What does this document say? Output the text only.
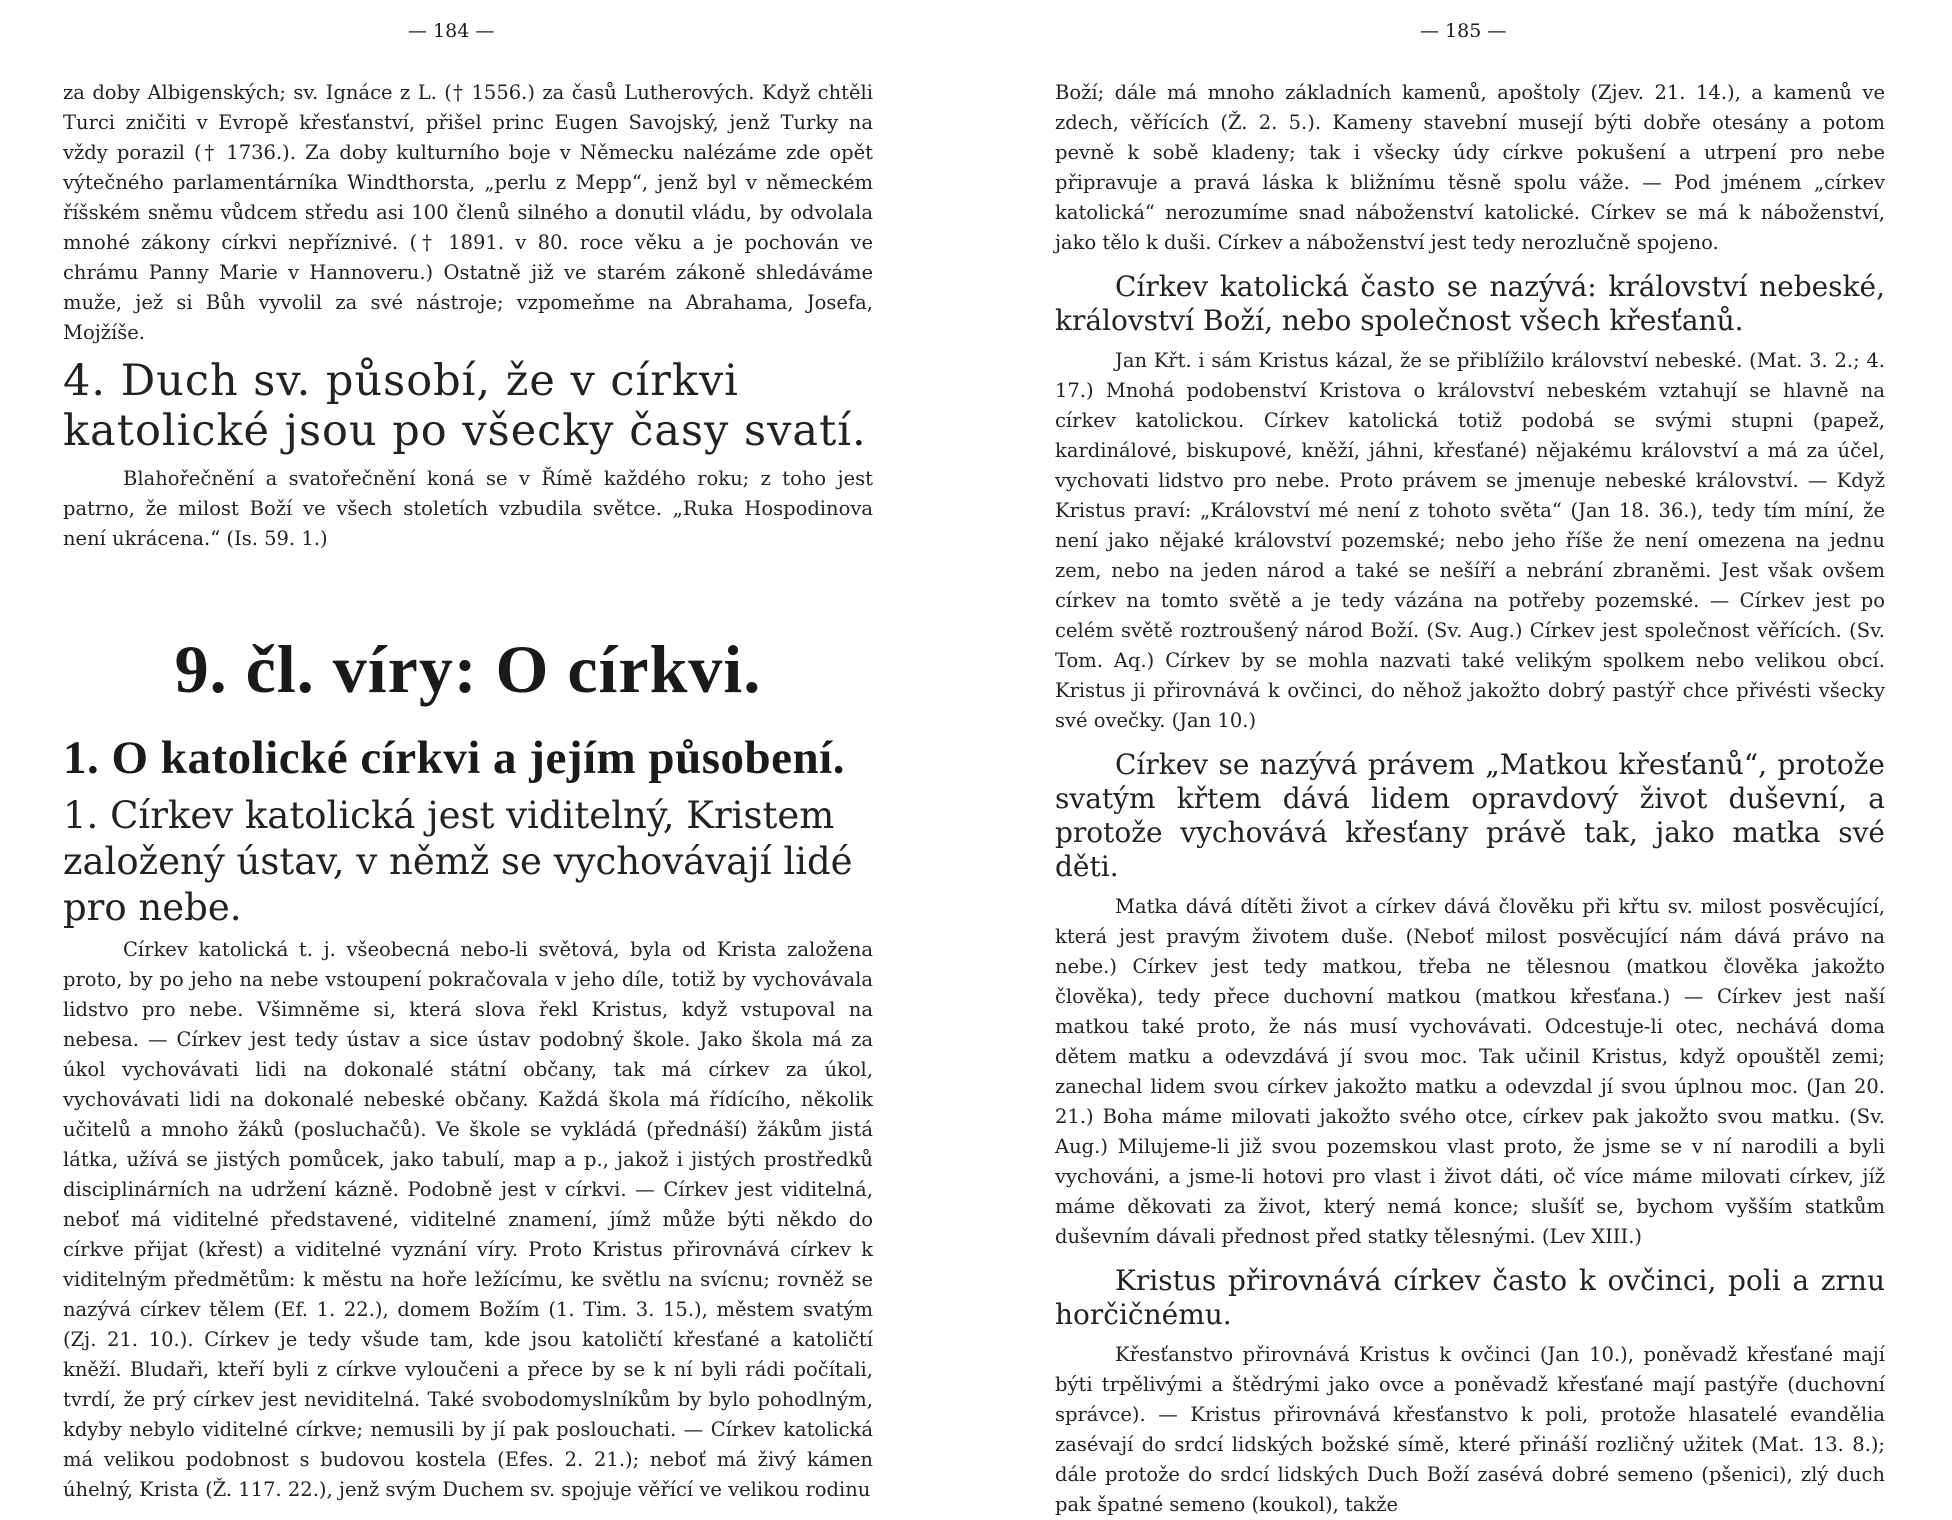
— 184 —

za doby Albigenských; sv. Ignáce z L. († 1556.) za časů Lutherových. Když chtěli Turci zničiti v Evropě křesťanství, přišel princ Eugen Savojský, jenž Turky na vždy porazil († 1736.). Za doby kulturního boje v Německu nalézáme zde opět výtečného parlamentárníka Windthorsta, „perlu z Mepp“, jenž byl v německém říšském sněmu vůdcem středu asi 100 členů silného a donutil vládu, by odvolala mnohé zákony církvi nepříznivé. († 1891. v 80. roce věku a je pochován ve chrámu Panny Marie v Hannoveru.) Ostatně již ve starém zákoně shledáváme muže, jež si Bůh vyvolil za své nástroje; vzpomeňme na Abrahama, Josefa, Mojžíše.

4. Duch sv. působí, že v církvi katolické jsou po všecky časy svatí.

Blahořečnění a svatořečnění koná se v Římě každého roku; z toho jest patrno, že milost Boží ve všech stoletích vzbudila světce. „Ruka Hospodinova není ukrácena.“ (Is. 59. 1.)

9. čl. víry: O církvi.

1. O katolické církvi a jejím působení.

1. Církev katolická jest viditelný, Kristem založený ústav, v němž se vychovávají lidé pro nebe.

Církev katolická t. j. všeobecná nebo-li světová, byla od Krista založena proto, by po jeho na nebe vstoupení pokračovala v jeho díle, totiž by vychovávala lidstvo pro nebe. Všimněme si, která slova řekl Kristus, když vstupoval na nebesa. — Církev jest tedy ústav a sice ústav podobný škole. Jako škola má za úkol vychovávati lidi na dokonalé státní občany, tak má církev za úkol, vychovávati lidi na dokonalé nebeské občany. Každá škola má řídícího, několik učitelů a mnoho žáků (posluchačů). Ve škole se vykládá (přednáší) žákům jistá látka, užívá se jistých pomůcek, jako tabulí, map a p., jakož i jistých prostředků disciplinárních na udržení kázně. Podobně jest v církvi. — Církev jest viditelná, neboť má viditelné představené, viditelné znamení, jímž může býti někdo do církve přijat (křest) a viditelné vyznání víry. Proto Kristus přirovnává církev k viditelným předmětům: k městu na hoře ležícímu, ke světlu na svícnu; rovněž se nazývá církev tělem (Ef. 1. 22.), domem Božím (1. Tim. 3. 15.), městem svatým (Zj. 21. 10.). Církev je tedy všude tam, kde jsou katoličtí křesťané a katoličtí kněží. Bludaři, kteří byli z církve vyloučeni a přece by se k ní byli rádi počítali, tvrdí, že prý církev jest neviditelná. Také svobodomyslníkům by bylo pohodlným, kdyby nebylo viditelné církve; nemusili by jí pak poslouchati. — Církev katolická má velikou podobnost s budovou kostela (Efes. 2. 21.); neboť má živý kámen úhelný, Krista (Ž. 117. 22.), jenž svým Duchem sv. spojuje věřící ve velikou rodinu

— 185 —

Boží; dále má mnoho základních kamenů, apoštoly (Zjev. 21. 14.), a kamenů ve zdech, věřících (Ž. 2. 5.). Kameny stavební musejí býti dobře otesány a potom pevně k sobě kladeny; tak i všecky údy církve pokušení a utrpení pro nebe připravuje a pravá láska k bližnímu těsně spolu váže. — Pod jménem „církev katolická“ nerozumíme snad náboženství katolické. Církev se má k náboženství, jako tělo k duši. Církev a náboženství jest tedy nerozlučně spojeno.

Církev katolická často se nazývá: království nebeské, království Boží, nebo společnost všech křesťanů.

Jan Křt. i sám Kristus kázal, že se přiblížilo království nebeské. (Mat. 3. 2.; 4. 17.) Mnohá podobenství Kristova o království nebeském vztahují se hlavně na církev katolickou. Církev katolická totiž podobá se svými stupni (papež, kardinálové, biskupové, kněží, jáhni, křesťané) nějakému království a má za účel, vychovati lidstvo pro nebe. Proto právem se jmenuje nebeské království. — Když Kristus praví: „Království mé není z tohoto světa“ (Jan 18. 36.), tedy tím míní, že není jako nějaké království pozemské; nebo jeho říše že není omezena na jednu zem, nebo na jeden národ a také se nešíří a nebrání zbraněmi. Jest však ovšem církev na tomto světě a je tedy vázána na potřeby pozemské. — Církev jest po celém světě roztroušený národ Boží. (Sv. Aug.) Církev jest společnost věřících. (Sv. Tom. Aq.) Církev by se mohla nazvati také velikým spolkem nebo velikou obcí. Kristus ji přirovnává k ovčinci, do něhož jakožto dobrý pastýř chce přivésti všecky své ovečky. (Jan 10.)

Církev se nazývá právem „Matkou křesťanů“, protože svatým křtem dává lidem opravdový život duševní, a protože vychovává křesťany právě tak, jako matka své děti.

Matka dává dítěti život a církev dává člověku při křtu sv. milost posvěcující, která jest pravým životem duše. (Neboť milost posvěcující nám dává právo na nebe.) Církev jest tedy matkou, třeba ne tělesnou (matkou člověka jakožto člověka), tedy přece duchovní matkou (matkou křesťana.) — Církev jest naší matkou také proto, že nás musí vychovávati. Odcestuje-li otec, nechává doma dětem matku a odevzdává jí svou moc. Tak učinil Kristus, když opouštěl zemi; zanechal lidem svou církev jakožto matku a odevzdal jí svou úplnou moc. (Jan 20. 21.) Boha máme milovati jakožto svého otce, církev pak jakožto svou matku. (Sv. Aug.) Milujeme-li již svou pozemskou vlast proto, že jsme se v ní narodili a byli vychováni, a jsme-li hotovi pro vlast i život dáti, oč více máme milovati církev, jíž máme děkovati za život, který nemá konce; slušíť se, bychom vyšším statkům duševním dávali přednost před statky tělesnými. (Lev XIII.)

Kristus přirovnává církev často k ovčinci, poli a zrnu horčičnému.

Křesťanstvo přirovnává Kristus k ovčinci (Jan 10.), poněvadž křesťané mají býti trpělivými a štědrými jako ovce a poněvadž křesťané mají pastýře (duchovní správce). — Kristus přirovnává křesťanstvo k poli, protože hlasatelé evandělia zasévají do srdcí lidských božské símě, které přináší rozličný užitek (Mat. 13. 8.); dále protože do srdcí lidských Duch Boží zasévá dobré semeno (pšenici), zlý duch pak špatné semeno (koukol), takže
